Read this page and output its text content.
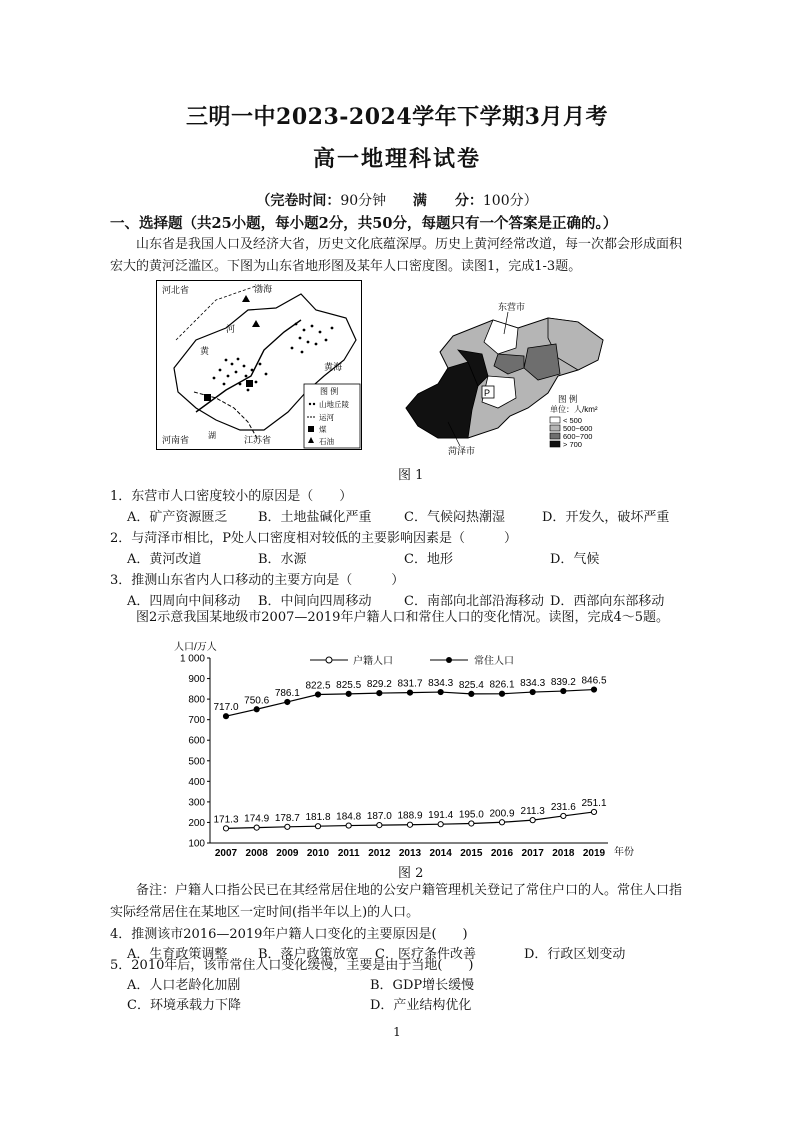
三明一中2023-2024学年下学期3月月考
高一地理科试卷
（完卷时间：90分钟 满　　分：100分）
一、选择题（共25小题，每小题2分，共50分，每题只有一个答案是正确的。）
山东省是我国人口及经济大省，历史文化底蕴深厚。历史上黄河经常改道，每一次都会形成面积宏大的黄河泛滥区。下图为山东省地形图及某年人口密度图。读图1，完成1-3题。
河北省	渤海
河
黄
黄海
河南省	江苏省
湖
图 例
山地丘陵
运河
煤
石油
P
东营市
菏泽市
图 例
单位：人/km²
< 500
500~600
600~700
> 700
图 1
1．东营市人口密度较小的原因是（　　）
A．矿产资源匮乏 B．土地盐碱化严重 C．气候闷热潮湿	D．开发久，破坏严重
2．与菏泽市相比，P处人口密度相对较低的主要影响因素是（　　　）
A．黄河改道	B．水源	C．地形	D．气候
3．推测山东省内人口移动的主要方向是（　　　）
A．四周向中间移动 B．中间向四周移动 C．南部向北部沿海移动 D．西部向东部移动
图2示意我国某地级市2007—2019年户籍人口和常住人口的变化情况。读图，完成4～5题。
人口/万人
100
200
300
400
500
600
700
800
900
1 000
2007 2008 2009 2010 2011 2012 2013 2014 2015 2016 2017 2018 2019 年份
户籍人口	常住人口
171.3 174.9 178.7 181.8 184.8 187.0 188.9 191.4 195.0 200.9 211.3 231.6 251.1
717.0
750.6
786.1
822.5 825.5 829.2 831.7 834.3 825.4 826.1 834.3 839.2 846.5
图 2
备注：户籍人口指公民已在其经常居住地的公安户籍管理机关登记了常住户口的人。常住人口指实际经常居住在某地区一定时间(指半年以上)的人口。
4．推测该市2016—2019年户籍人口变化的主要原因是(　　)
A．生育政策调整 B．落户政策放宽 C．医疗条件改善	D．行政区划变动
5．2010年后，该市常住人口变化缓慢，主要是由于当地(　　)
A．人口老龄化加剧	B．GDP增长缓慢
C．环境承载力下降	D．产业结构优化
1
